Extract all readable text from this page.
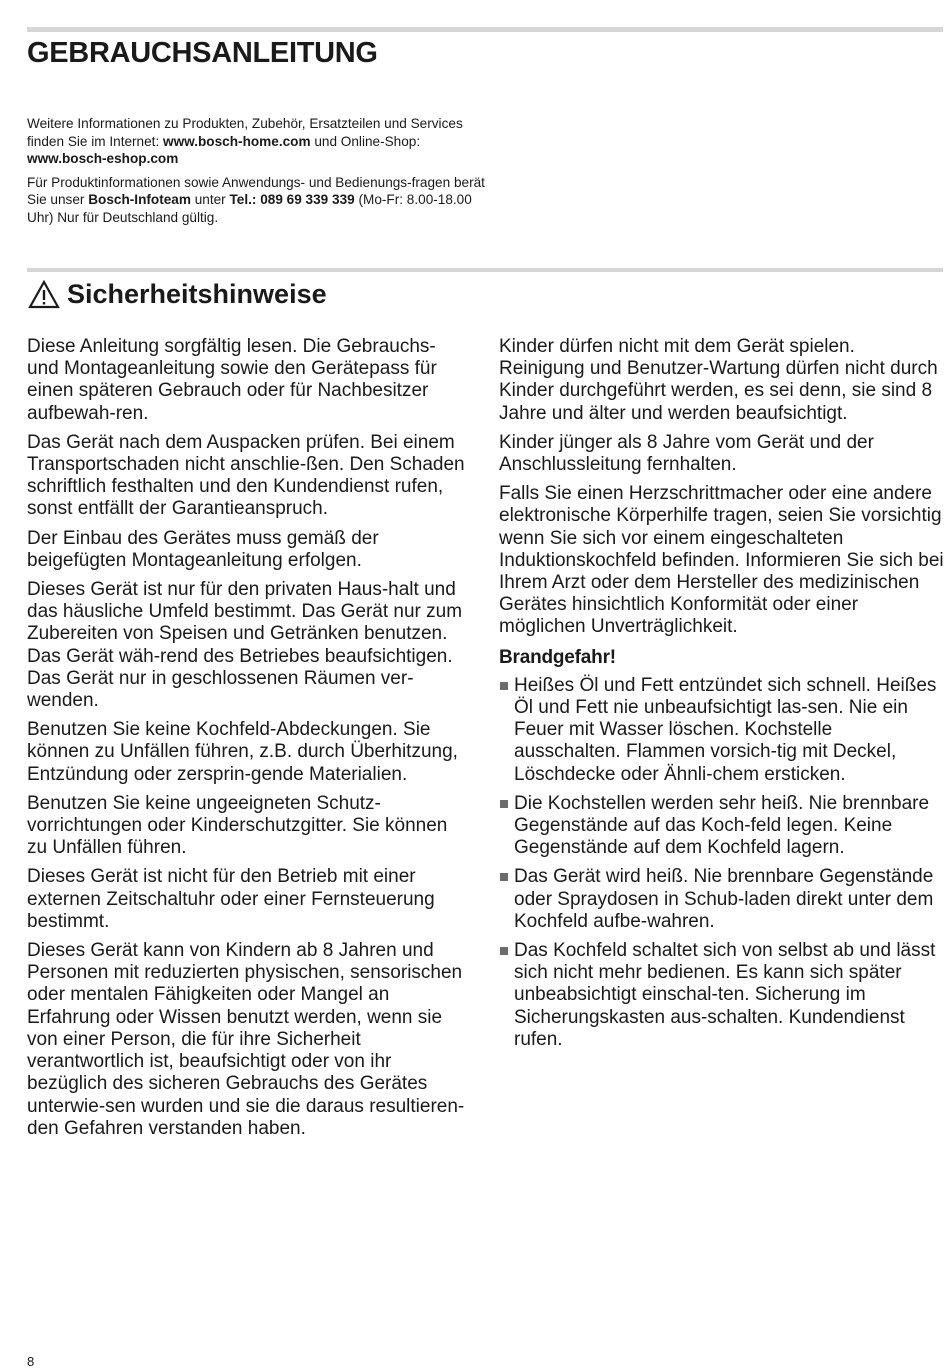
GEBRAUCHSANLEITUNG

Weitere Informationen zu Produkten, Zubehör, Ersatzteilen und Services finden Sie im Internet: www.bosch-home.com und Online-Shop: www.bosch-eshop.com

Für Produktinformationen sowie Anwendungs- und Bedienungs-fragen berät Sie unser Bosch-Infoteam unter Tel.: 089 69 339 339 (Mo-Fr: 8.00-18.00 Uhr) Nur für Deutschland gültig.

Sicherheitshinweise

Diese Anleitung sorgfältig lesen. Die Gebrauchs- und Montageanleitung sowie den Gerätepass für einen späteren Gebrauch oder für Nachbesitzer aufbewah-ren.

Das Gerät nach dem Auspacken prüfen. Bei einem Transportschaden nicht anschlie-ßen. Den Schaden schriftlich festhalten und den Kundendienst rufen, sonst entfällt der Garantieanspruch.

Der Einbau des Gerätes muss gemäß der beigefügten Montageanleitung erfolgen.

Dieses Gerät ist nur für den privaten Haus-halt und das häusliche Umfeld bestimmt. Das Gerät nur zum Zubereiten von Speisen und Getränken benutzen. Das Gerät wäh-rend des Betriebes beaufsichtigen. Das Gerät nur in geschlossenen Räumen ver-wenden.

Benutzen Sie keine Kochfeld-Abdeckungen. Sie können zu Unfällen führen, z.B. durch Überhitzung, Entzündung oder zersprin-gende Materialien.

Benutzen Sie keine ungeeigneten Schutz-vorrichtungen oder Kinderschutzgitter. Sie können zu Unfällen führen.

Dieses Gerät ist nicht für den Betrieb mit einer externen Zeitschaltuhr oder einer Fernsteuerung bestimmt.

Dieses Gerät kann von Kindern ab 8 Jahren und Personen mit reduzierten physischen, sensorischen oder mentalen Fähigkeiten oder Mangel an Erfahrung oder Wissen benutzt werden, wenn sie von einer Person, die für ihre Sicherheit verantwortlich ist, beaufsichtigt oder von ihr bezüglich des sicheren Gebrauchs des Gerätes unterwie-sen wurden und sie die daraus resultieren-den Gefahren verstanden haben.

Kinder dürfen nicht mit dem Gerät spielen. Reinigung und Benutzer-Wartung dürfen nicht durch Kinder durchgeführt werden, es sei denn, sie sind 8 Jahre und älter und werden beaufsichtigt.

Kinder jünger als 8 Jahre vom Gerät und der Anschlussleitung fernhalten.

Falls Sie einen Herzschrittmacher oder eine andere elektronische Körperhilfe tragen, seien Sie vorsichtig wenn Sie sich vor einem eingeschalteten Induktionskochfeld befinden. Informieren Sie sich bei Ihrem Arzt oder dem Hersteller des medizinischen Gerätes hinsichtlich Konformität oder einer möglichen Unverträglichkeit.

Brandgefahr!
Heißes Öl und Fett entzündet sich schnell. Heißes Öl und Fett nie unbeaufsichtigt las-sen. Nie ein Feuer mit Wasser löschen. Kochstelle ausschalten. Flammen vorsich-tig mit Deckel, Löschdecke oder Ähnli-chem ersticken.
Die Kochstellen werden sehr heiß. Nie brennbare Gegenstände auf das Koch-feld legen. Keine Gegenstände auf dem Kochfeld lagern.
Das Gerät wird heiß. Nie brennbare Gegenstände oder Spraydosen in Schub-laden direkt unter dem Kochfeld aufbe-wahren.
Das Kochfeld schaltet sich von selbst ab und lässt sich nicht mehr bedienen. Es kann sich später unbeabsichtigt einschal-ten. Sicherung im Sicherungskasten aus-schalten. Kundendienst rufen.
8
